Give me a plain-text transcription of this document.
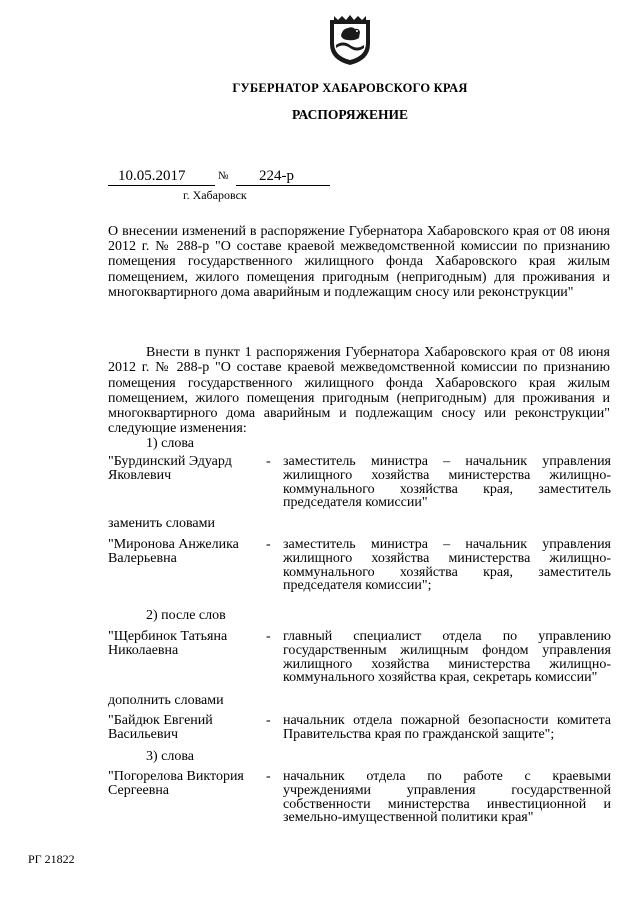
ГУБЕРНАТОР ХАБАРОВСКОГО КРАЯ
РАСПОРЯЖЕНИЕ
10.05.2017	№ 224-р
г. Хабаровск
О внесении изменений в распоряжение Губернатора Хабаровского края от 08 июня 2012 г. № 288-р "О составе краевой межведомственной комиссии по признанию помещения государственного жилищного фонда Хабаровского края жилым помещением, жилого помещения пригодным (непригодным) для проживания и многоквартирного дома аварийным и подлежащим сносу или реконструкции"
Внести в пункт 1 распоряжения Губернатора Хабаровского края от 08 июня 2012 г. № 288-р "О составе краевой межведомственной комиссии по признанию помещения государственного жилищного фонда Хабаровского края жилым помещением, жилого помещения пригодным (непригодным) для проживания и многоквартирного дома аварийным и подлежащим сносу или реконструкции" следующие изменения:
1) слова
"Бурдинский Эдуард Яковлевич
- заместитель министра – начальник управления жилищного хозяйства министерства жилищно-коммунального хозяйства края, заместитель председателя комиссии"
заменить словами
"Миронова Анжелика Валерьевна
- заместитель министра – начальник управления жилищного хозяйства министерства жилищно-коммунального хозяйства края, заместитель председателя комиссии";
2) после слов
"Щербинок Татьяна Николаевна
- главный специалист отдела по управлению государственным жилищным фондом управления жилищного хозяйства министерства жилищно-коммунального хозяйства края, секретарь комиссии"
дополнить словами
"Байдюк Евгений Васильевич
- начальник отдела пожарной безопасности комитета Правительства края по гражданской защите";
3) слова
"Погорелова Виктория Сергеевна
- начальник отдела по работе с краевыми учреждениями управления государственной собственности министерства инвестиционной и земельно-имущественной политики края"
РГ 21822
